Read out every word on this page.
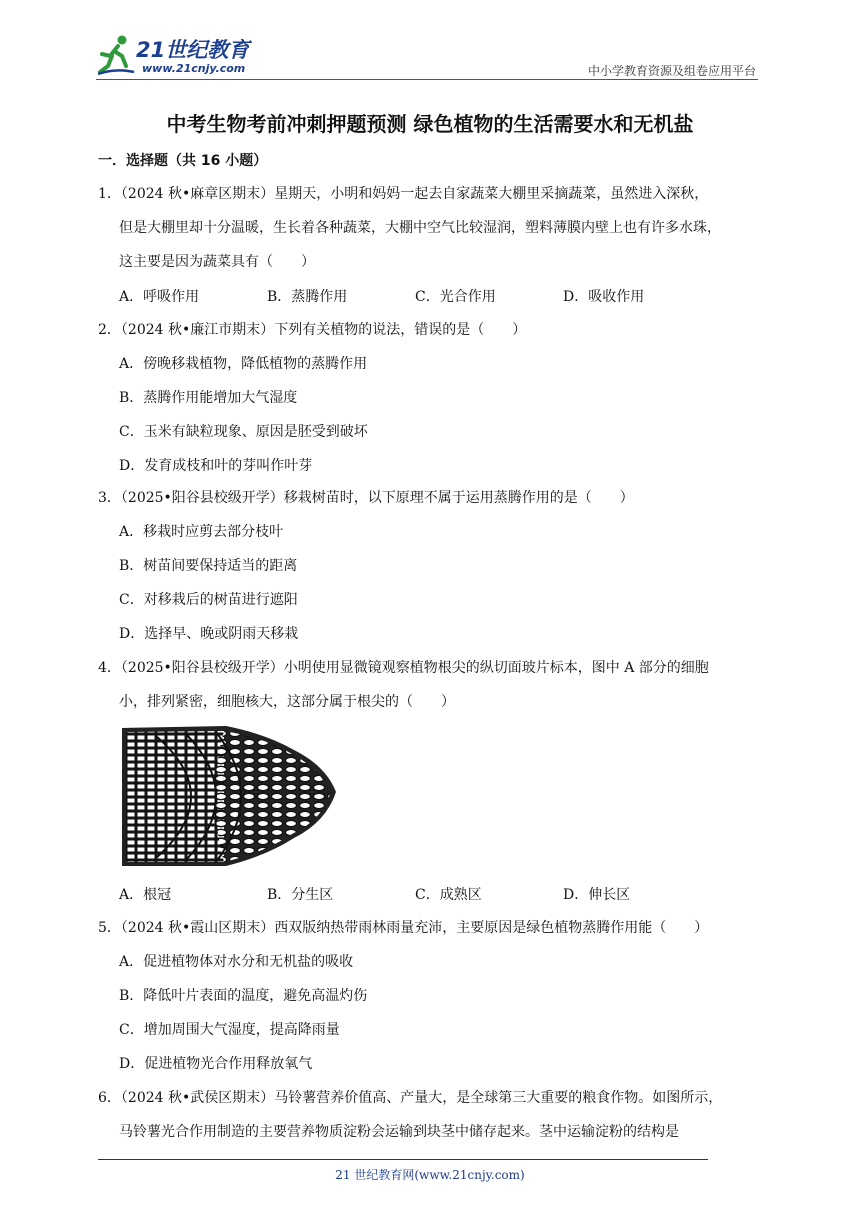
21世纪教育
www.21cnjy.com	中小学教育资源及组卷应用平台
中考生物考前冲刺押题预测 绿色植物的生活需要水和无机盐
一．选择题（共 16 小题）
1．（2024 秋•麻章区期末）星期天，小明和妈妈一起去自家蔬菜大棚里采摘蔬菜，虽然进入深秋，
但是大棚里却十分温暖，生长着各种蔬菜，大棚中空气比较湿润，塑料薄膜内壁上也有许多水珠，
这主要是因为蔬菜具有（　　）
A．呼吸作用	B．蒸腾作用	C．光合作用	D．吸收作用
2．（2024 秋•廉江市期末）下列有关植物的说法，错误的是（　　）
A．傍晚移栽植物，降低植物的蒸腾作用
B．蒸腾作用能增加大气湿度
C．玉米有缺粒现象、原因是胚受到破坏
D．发育成枝和叶的芽叫作叶芽
3．（2025•阳谷县校级开学）移栽树苗时，以下原理不属于运用蒸腾作用的是（　　）
A．移栽时应剪去部分枝叶
B．树苗间要保持适当的距离
C．对移栽后的树苗进行遮阳
D．选择早、晚或阴雨天移栽
4．（2025•阳谷县校级开学）小明使用显微镜观察植物根尖的纵切面玻片标本，图中 A 部分的细胞
小，排列紧密，细胞核大，这部分属于根尖的（　　）
A．根冠	B．分生区	C．成熟区	D．伸长区
5．（2024 秋•霞山区期末）西双版纳热带雨林雨量充沛，主要原因是绿色植物蒸腾作用能（　　）
A．促进植物体对水分和无机盐的吸收
B．降低叶片表面的温度，避免高温灼伤
C．增加周围大气湿度，提高降雨量
D．促进植物光合作用释放氧气
6．（2024 秋•武侯区期末）马铃薯营养价值高、产量大，是全球第三大重要的粮食作物。如图所示，
马铃薯光合作用制造的主要营养物质淀粉会运输到块茎中储存起来。茎中运输淀粉的结构是
21 世纪教育网(www.21cnjy.com)
